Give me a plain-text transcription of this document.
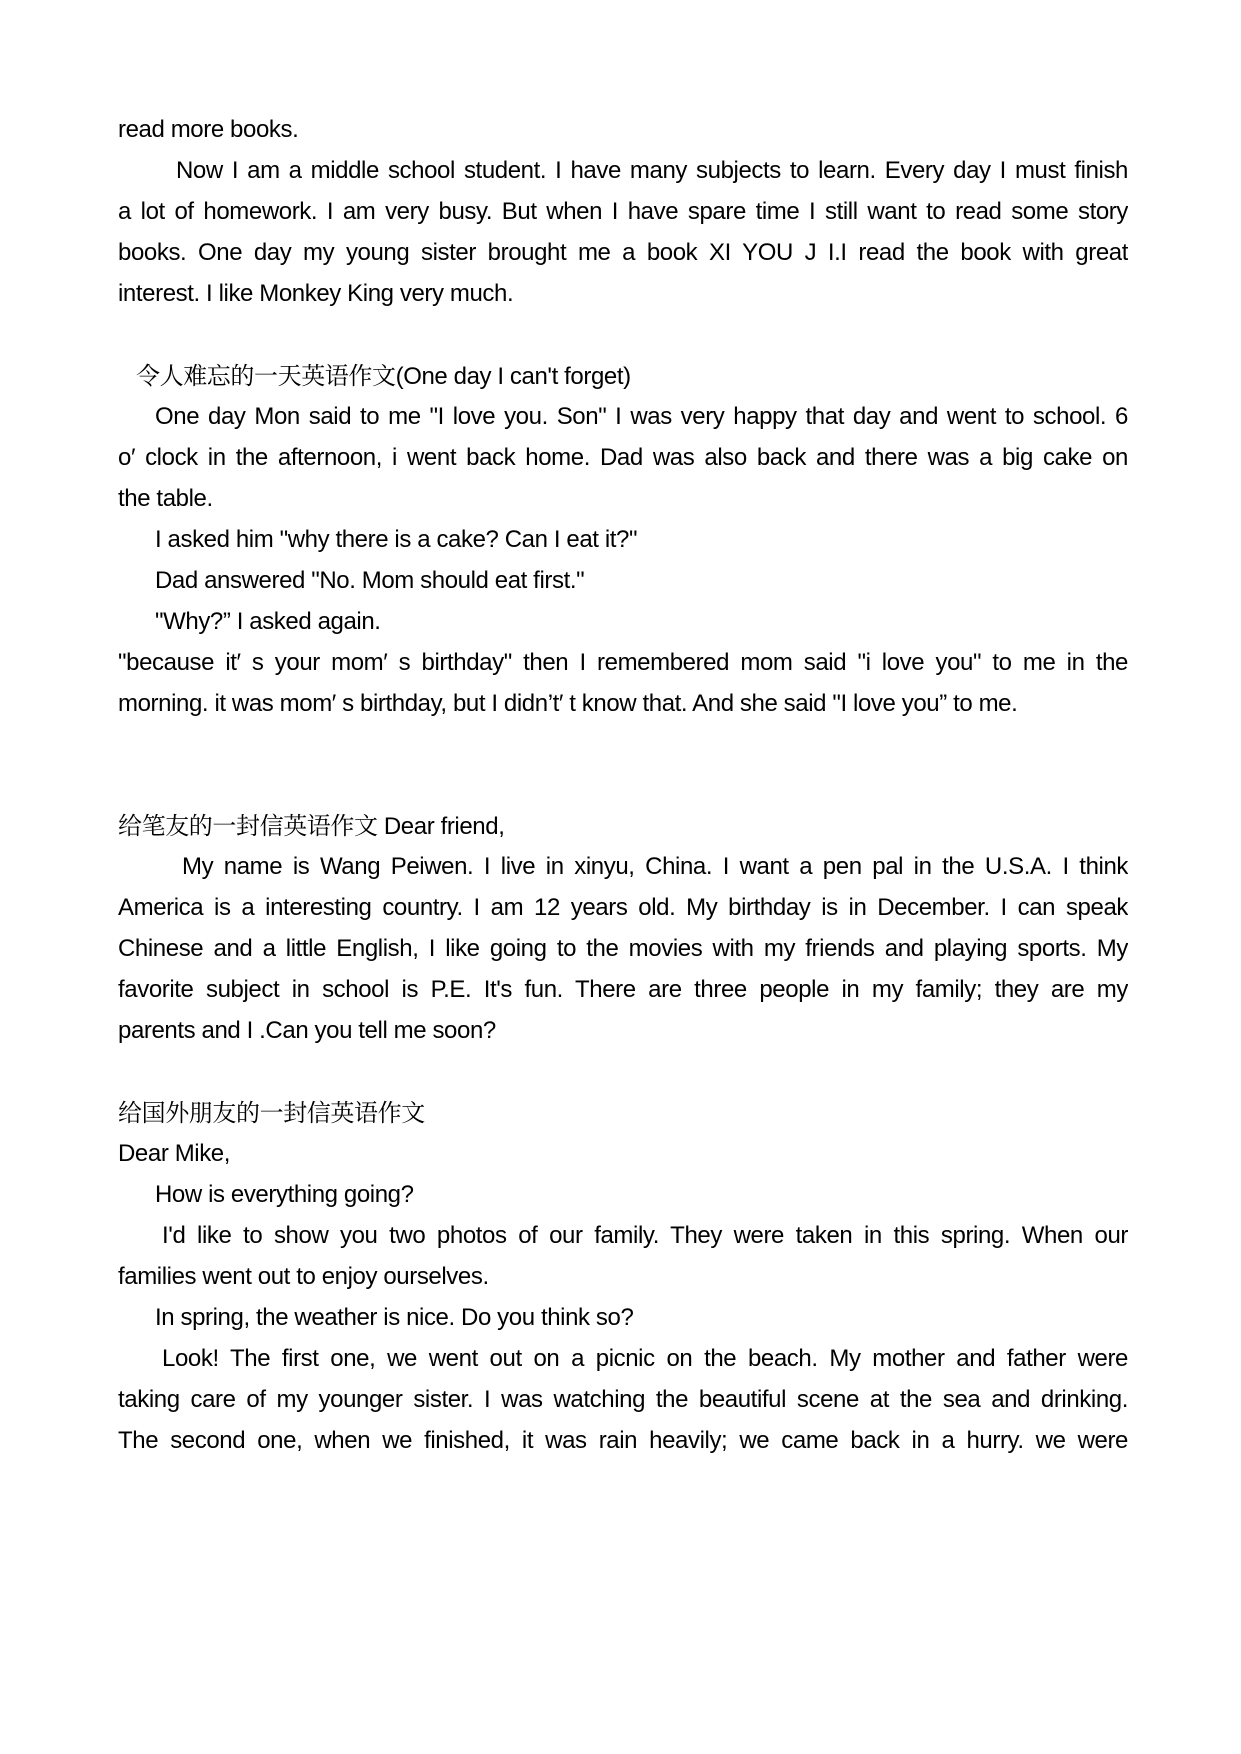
read more books.
Now I am a middle school student. I have many subjects to learn. Every day I must finish
a lot of homework. I am very busy. But when I have spare time I still want to read some story
books. One day my young sister brought me a book XI YOU J I.I read the book with great
interest. I like Monkey King very much.
令人难忘的一天英语作文(One day I can't forget)
One day Mon said to me "I love you. Son" I was very happy that day and went to school. 6
o′ clock in the afternoon, i went back home. Dad was also back and there was a big cake on
the table.
I asked him "why there is a cake? Can I eat it?"
Dad answered "No. Mom should eat first."
"Why?” I asked again.
"because it′ s your mom′ s birthday" then I remembered mom said "i love you" to me in the
morning. it was mom′ s birthday, but I didn’t′ t know that. And she said "I love you” to me.
给笔友的一封信英语作文 Dear friend,
My name is Wang Peiwen. I live in xinyu, China. I want a pen pal in the U.S.A. I think
America is a interesting country. I am 12 years old. My birthday is in December. I can speak
Chinese and a little English, I like going to the movies with my friends and playing sports. My
favorite subject in school is P.E. It's fun. There are three people in my family; they are my
parents and I .Can you tell me soon?
给国外朋友的一封信英语作文
Dear Mike,
How is everything going?
I'd like to show you two photos of our family. They were taken in this spring. When our
families went out to enjoy ourselves.
In spring, the weather is nice. Do you think so?
Look! The first one, we went out on a picnic on the beach. My mother and father were
taking care of my younger sister. I was watching the beautiful scene at the sea and drinking.
The second one, when we finished, it was rain heavily; we came back in a hurry. we were
